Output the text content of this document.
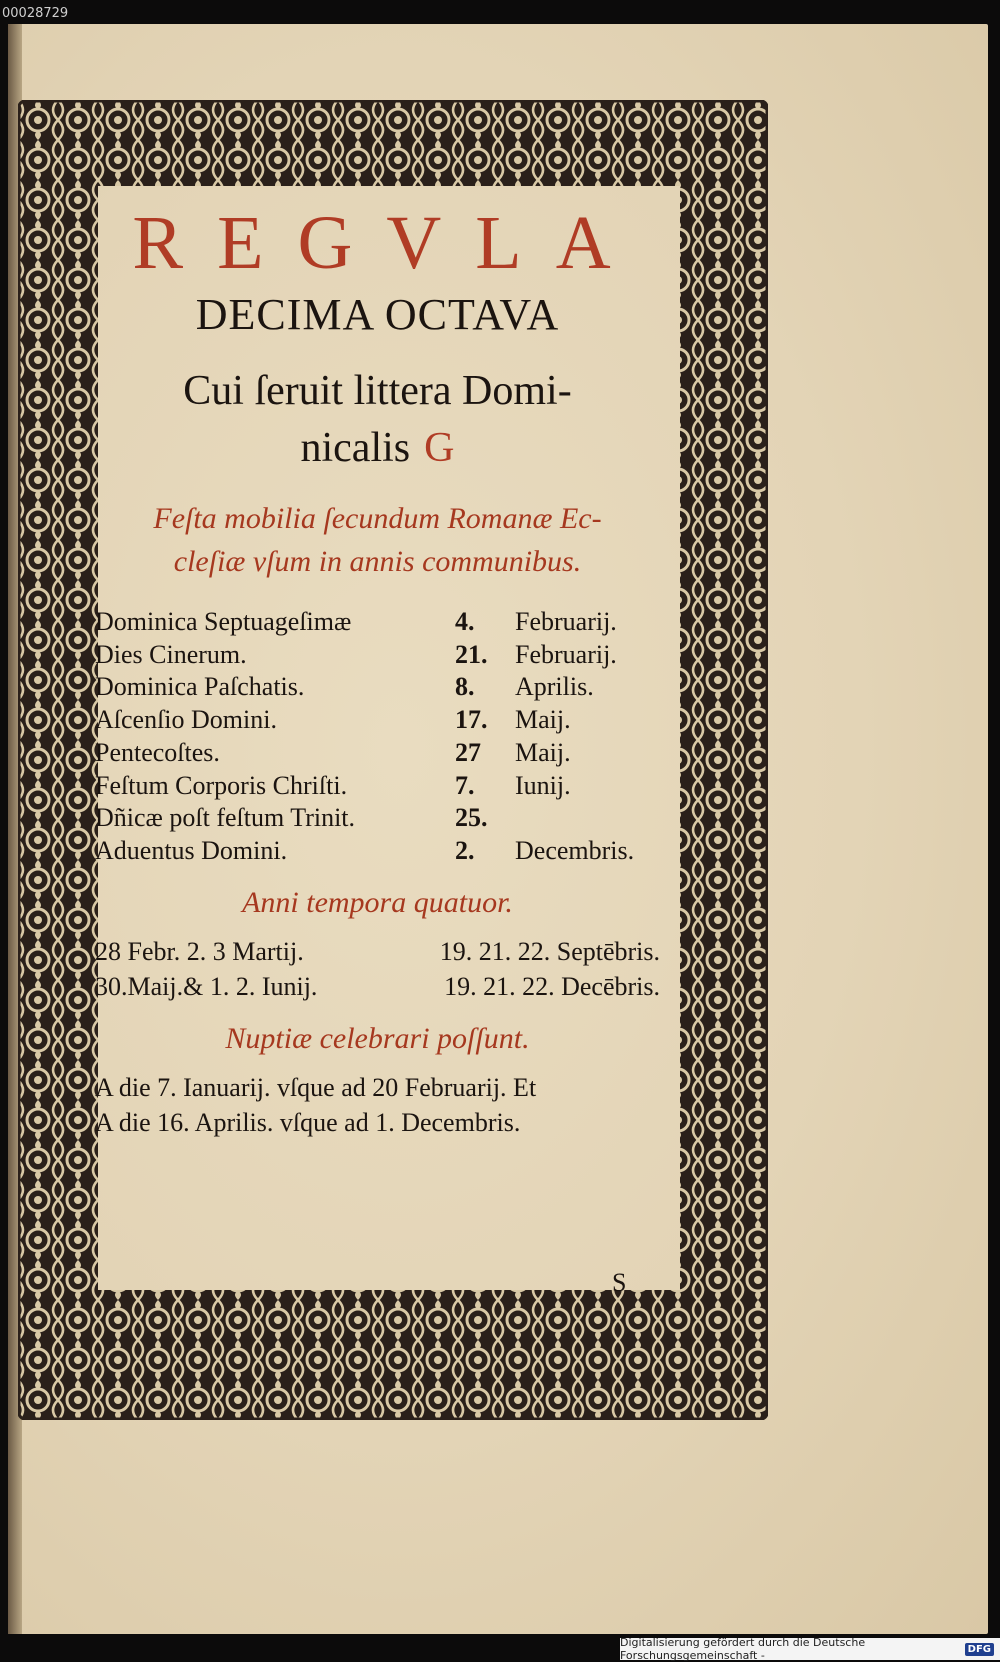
00028729
REGVLA
DECIMA OCTAVA
Cui ſeruit littera Domi-
nicalis G
Feſta mobilia ſecundum Romanæ Ec-
cleſiæ vſum in annis communibus.
Dominica Septuageſimæ	4.	Februarij.
Dies Cinerum.	21.	Februarij.
Dominica Paſchatis.	8.	Aprilis.
Aſcenſio Domini.	17.	Maij.
Pentecoſtes.	27	Maij.
Feſtum Corporis Chriſti.	7.	Iunij.
Dñicæ poſt feſtum Trinit.	25.	
Aduentus Domini.	2.	Decembris.
Anni tempora quatuor.
28 Febr. 2. 3 Martij.	19. 21. 22. Septēbris.
30.Maij.& 1. 2. Iunij.	19. 21. 22. Decēbris.
Nuptiæ celebrari poſſunt.
A die 7. Ianuarij. vſque ad 20 Februarij. Et
A die 16. Aprilis. vſque ad 1. Decembris.
S
Digitalisierung gefördert durch die Deutsche Forschungsgemeinschaft -	DFG
